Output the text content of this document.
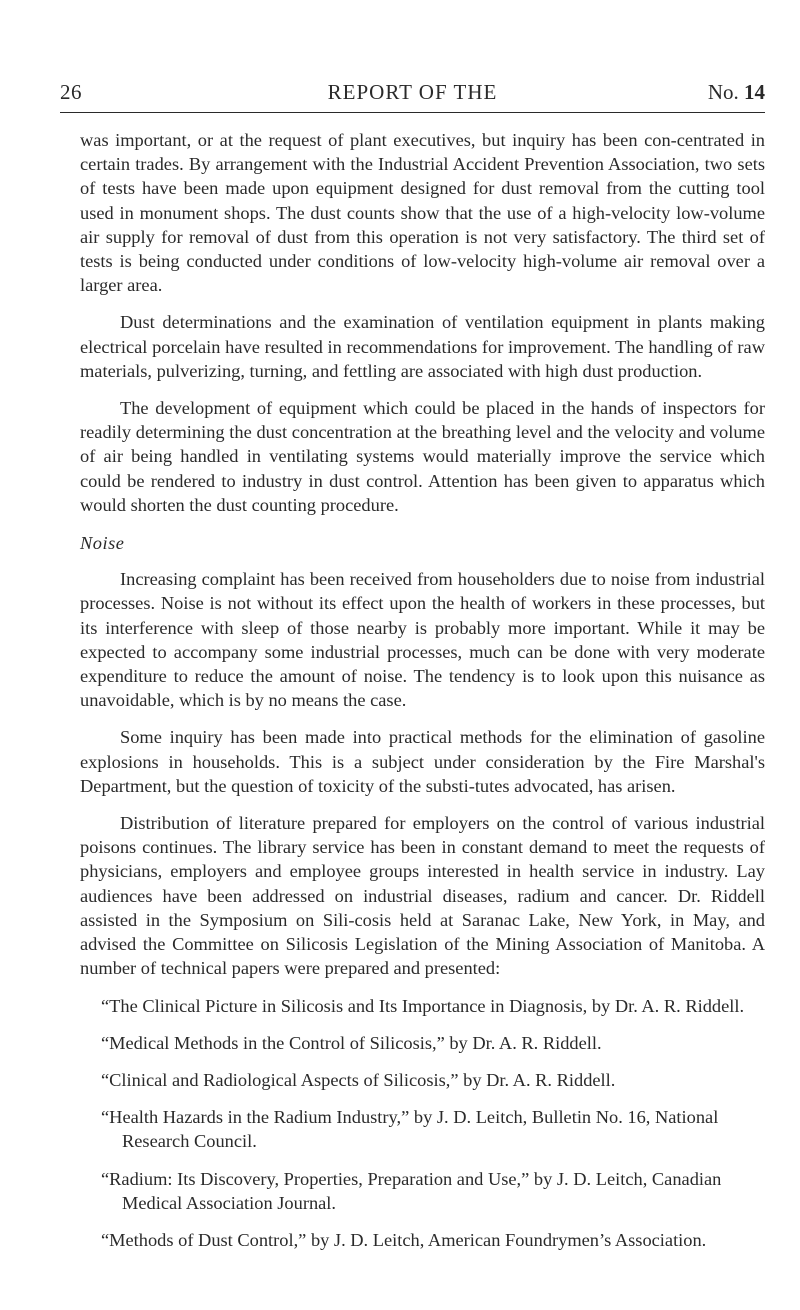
26	REPORT OF THE	No. 14

was important, or at the request of plant executives, but inquiry has been con-centrated in certain trades. By arrangement with the Industrial Accident Prevention Association, two sets of tests have been made upon equipment designed for dust removal from the cutting tool used in monument shops. The dust counts show that the use of a high-velocity low-volume air supply for removal of dust from this operation is not very satisfactory. The third set of tests is being conducted under conditions of low-velocity high-volume air removal over a larger area.

Dust determinations and the examination of ventilation equipment in plants making electrical porcelain have resulted in recommendations for improvement. The handling of raw materials, pulverizing, turning, and fettling are associated with high dust production.

The development of equipment which could be placed in the hands of inspectors for readily determining the dust concentration at the breathing level and the velocity and volume of air being handled in ventilating systems would materially improve the service which could be rendered to industry in dust control. Attention has been given to apparatus which would shorten the dust counting procedure.

Noise

Increasing complaint has been received from householders due to noise from industrial processes. Noise is not without its effect upon the health of workers in these processes, but its interference with sleep of those nearby is probably more important. While it may be expected to accompany some industrial processes, much can be done with very moderate expenditure to reduce the amount of noise. The tendency is to look upon this nuisance as unavoidable, which is by no means the case.

Some inquiry has been made into practical methods for the elimination of gasoline explosions in households. This is a subject under consideration by the Fire Marshal's Department, but the question of toxicity of the substi-tutes advocated, has arisen.

Distribution of literature prepared for employers on the control of various industrial poisons continues. The library service has been in constant demand to meet the requests of physicians, employers and employee groups interested in health service in industry. Lay audiences have been addressed on industrial diseases, radium and cancer. Dr. Riddell assisted in the Symposium on Sili-cosis held at Saranac Lake, New York, in May, and advised the Committee on Silicosis Legislation of the Mining Association of Manitoba. A number of technical papers were prepared and presented:

“The Clinical Picture in Silicosis and Its Importance in Diagnosis, by Dr. A. R. Riddell.
“Medical Methods in the Control of Silicosis,” by Dr. A. R. Riddell.
“Clinical and Radiological Aspects of Silicosis,” by Dr. A. R. Riddell.
“Health Hazards in the Radium Industry,” by J. D. Leitch, Bulletin No. 16, National Research Council.
“Radium: Its Discovery, Properties, Preparation and Use,” by J. D. Leitch, Canadian Medical Association Journal.
“Methods of Dust Control,” by J. D. Leitch, American Foundrymen’s Association.
